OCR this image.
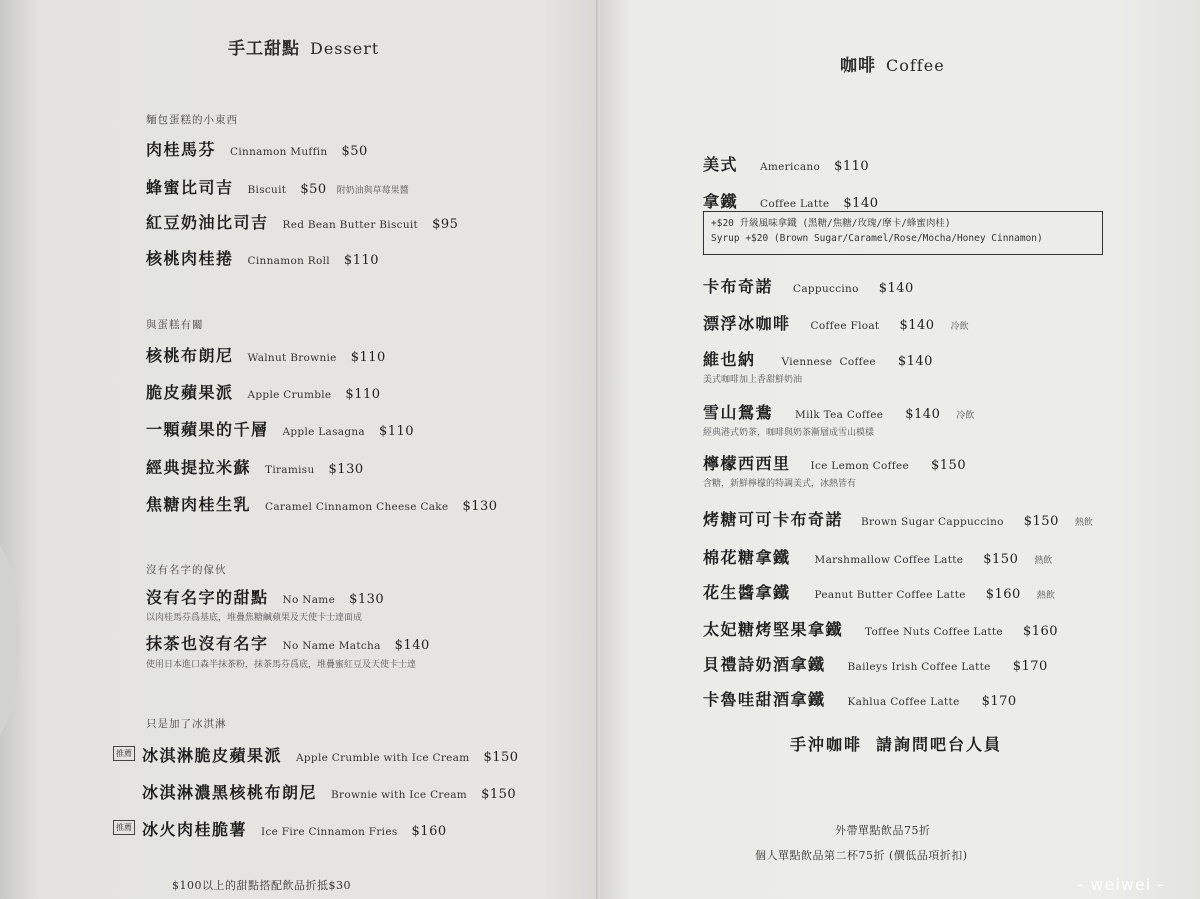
手工甜點 Dessert
麵包蛋糕的小東西
肉桂馬芬 Cinnamon Muffin $50
蜂蜜比司吉 Biscuit $50 附奶油與草莓果醬
紅豆奶油比司吉 Red Bean Butter Biscuit $95
核桃肉桂捲 Cinnamon Roll $110
與蛋糕有關
核桃布朗尼 Walnut Brownie $110
脆皮蘋果派 Apple Crumble $110
一顆蘋果的千層 Apple Lasagna $110
經典提拉米蘇 Tiramisu $130
焦糖肉桂生乳 Caramel Cinnamon Cheese Cake $130
沒有名字的傢伙
沒有名字的甜點 No Name $130
以肉桂馬芬爲基底，堆疊焦糖鹹蘋果及天使卡士達面成
抹茶也沒有名字 No Name Matcha $140
使用日本進口森半抹茶粉，抹茶馬芬爲底，堆疊蜜紅豆及天使卡士達
只是加了冰淇淋
推薦 冰淇淋脆皮蘋果派 Apple Crumble with Ice Cream $150
冰淇淋濃黑核桃布朗尼 Brownie with Ice Cream $150
推薦 冰火肉桂脆薯 Ice Fire Cinnamon Fries $160
$100以上的甜點搭配飲品折抵$30
咖啡 Coffee
美式 Americano $110
拿鐵 Coffee Latte $140
+$20 升級風味拿鐵 (黑糖/焦糖/玫瑰/摩卡/蜂蜜肉桂)
Syrup +$20 (Brown Sugar/Caramel/Rose/Mocha/Honey Cinnamon)
卡布奇諾 Cappuccino $140
漂浮冰咖啡 Coffee Float $140 冷飲
維也納 Viennese  Coffee $140
美式咖啡加上香甜鮮奶油
雪山鴛鴦 Milk Tea Coffee $140 冷飲
經典港式奶茶，咖啡與奶茶漸層成雪山模樣
檸檬西西里 Ice Lemon Coffee $150
含糖，新鮮檸檬的特調美式，冰熱皆有
烤糖可可卡布奇諾 Brown Sugar Cappuccino $150 熱飲
棉花糖拿鐵 Marshmallow Coffee Latte $150 熱飲
花生醬拿鐵 Peanut Butter Coffee Latte $160 熱飲
太妃糖烤堅果拿鐵 Toffee Nuts Coffee Latte $160
貝禮詩奶酒拿鐵 Baileys Irish Coffee Latte $170
卡魯哇甜酒拿鐵 Kahlua Coffee Latte $170
手沖咖啡 請詢問吧台人員
外帶單點飲品75折
個人單點飲品第二杯75折 (價低品項折扣)
- weiwei -
